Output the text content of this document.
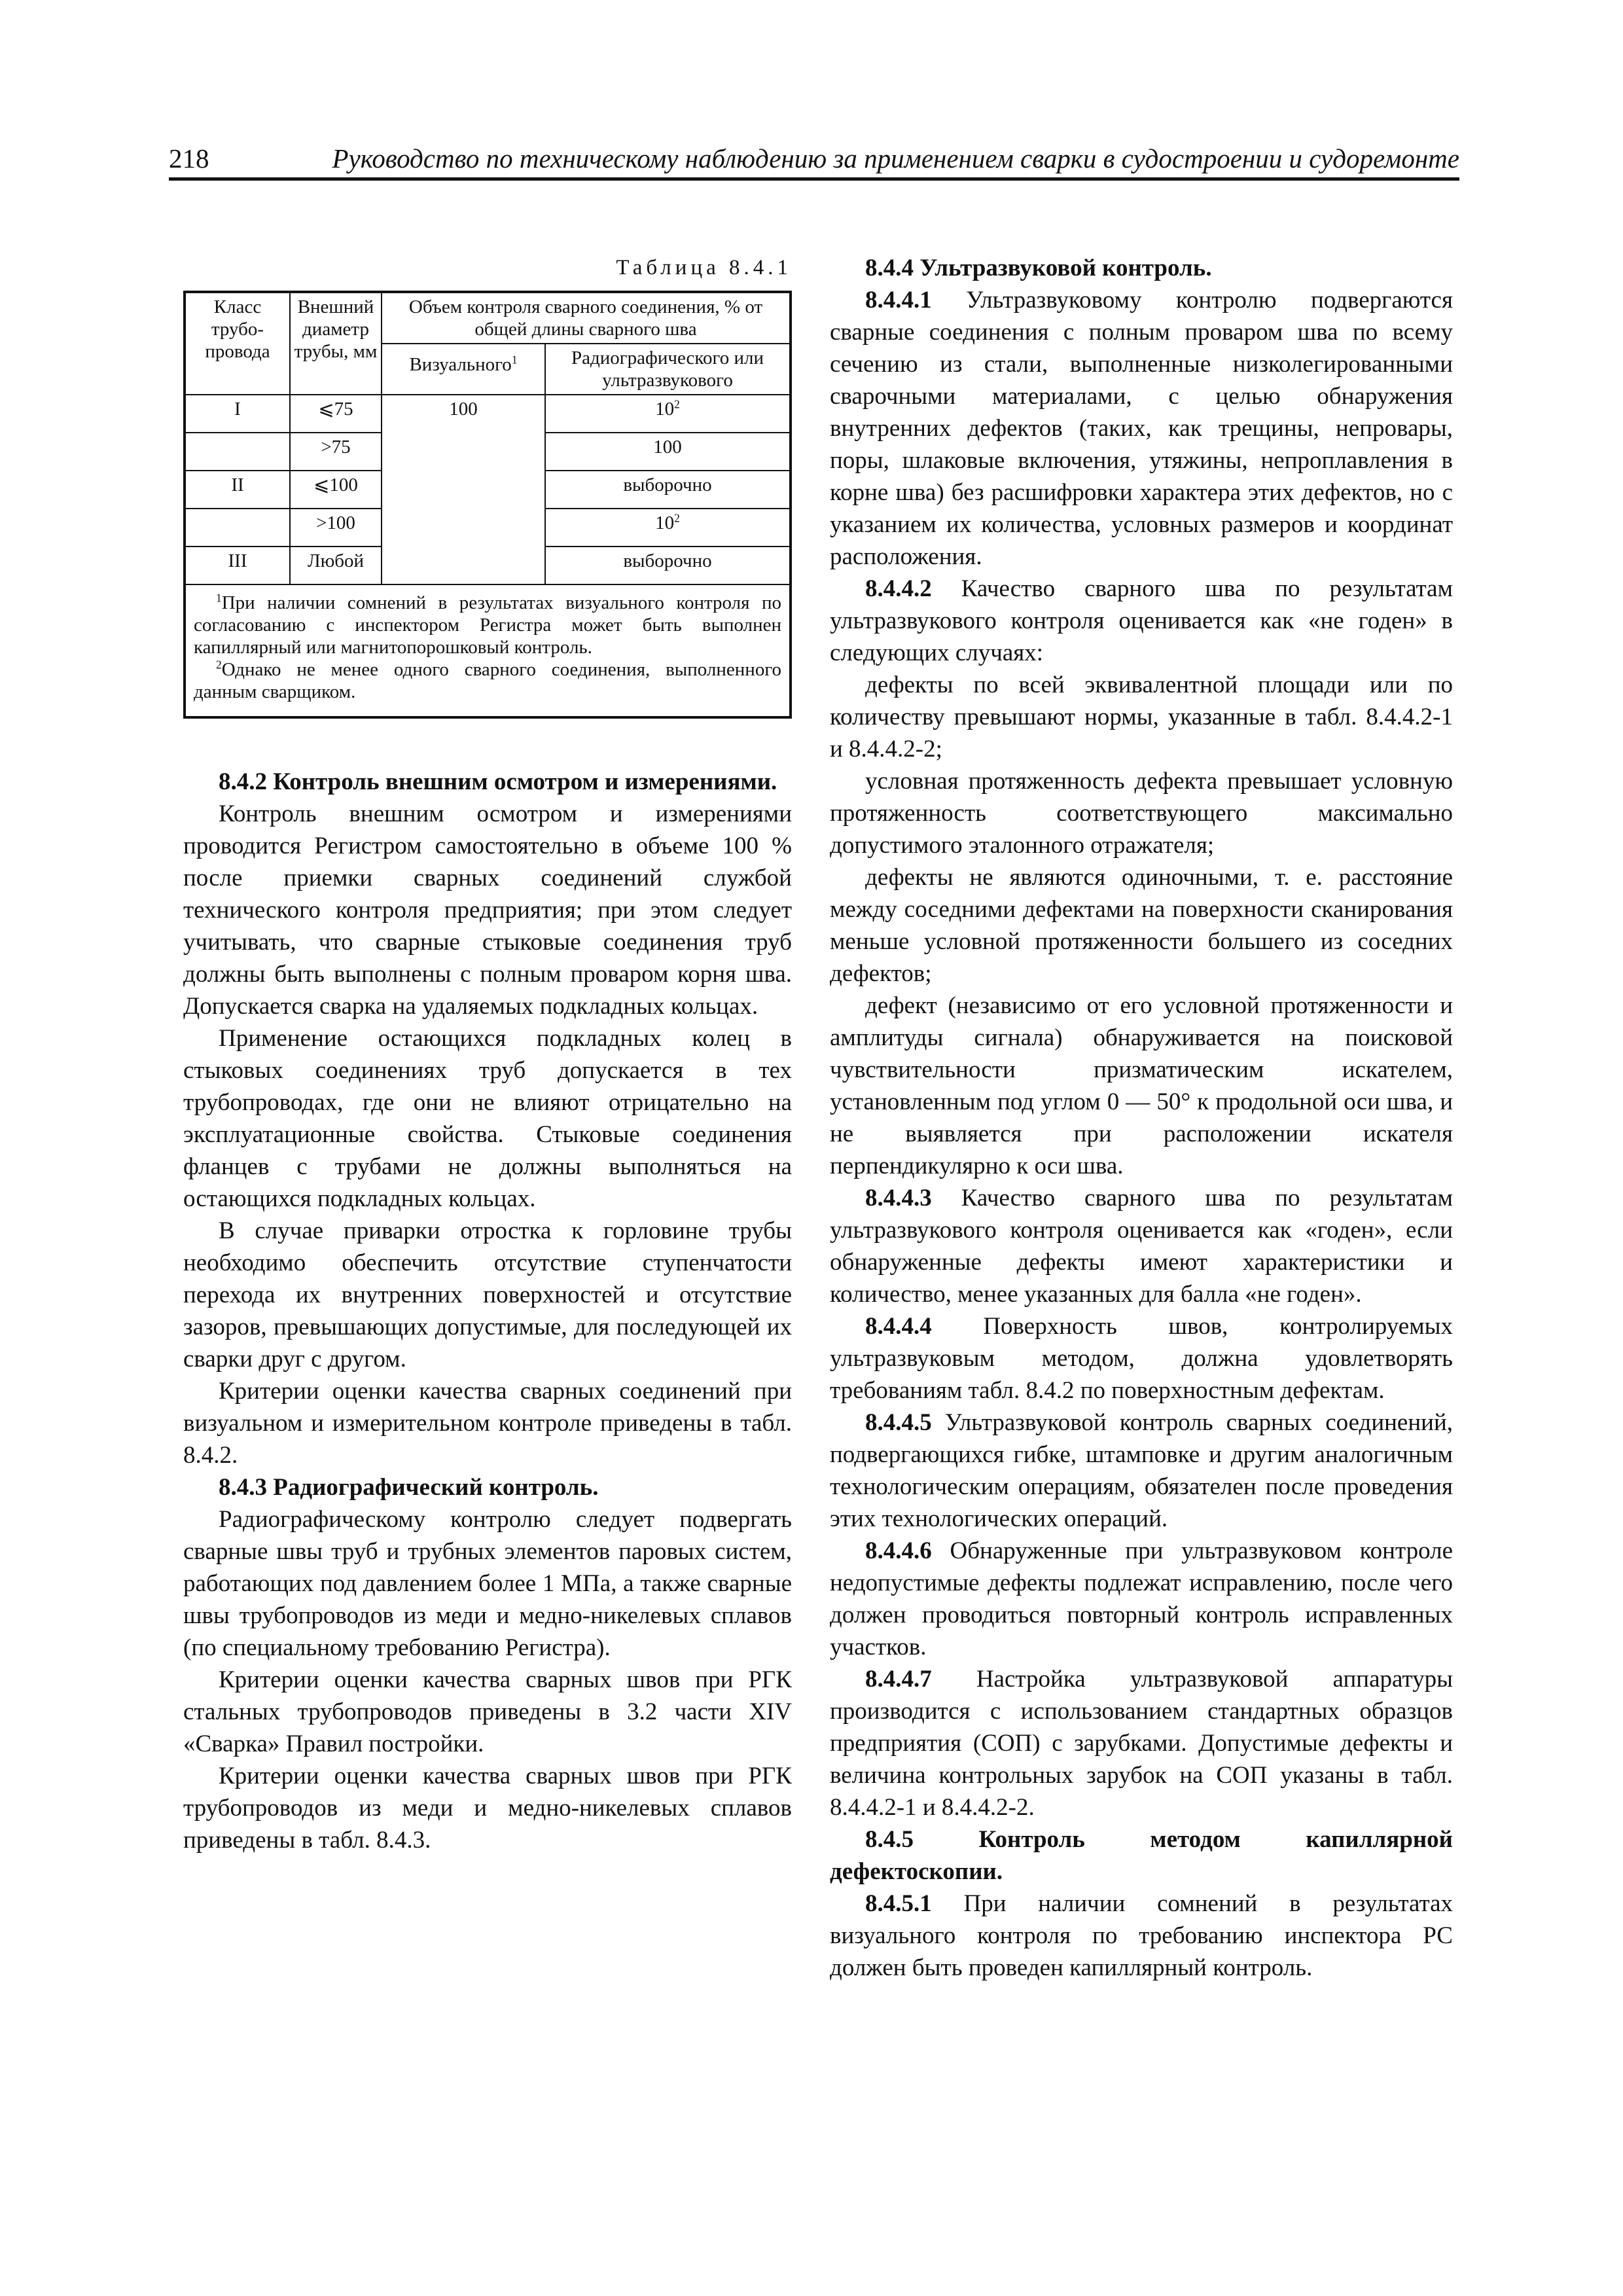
218	Руководство по техническому наблюдению за применением сварки в судостроении и судоремонте
Таблица 8.4.1
Класс трубо-провода	Внешний диаметр трубы, мм	Объем контроля сварного соединения, % от общей длины сварного шва	
		Визуального$^1$	Радиографического или ультразвукового
I	⩽75	100	$10^2$
	>75		100
II	⩽100		выборочно
	>100		$10^2$
III	Любой		выборочно

$^1$При наличии сомнений в результатах визуального контроля по согласованию с инспектором Регистра может быть выполнен капиллярный или магнитопорошковый контроль.

$^2$Однако не менее одного сварного соединения, выполненного данным сварщиком.			

8.4.2 Контроль внешним осмотром и измерениями.

Контроль внешним осмотром и измерениями проводится Регистром самостоятельно в объеме 100 % после приемки сварных соединений службой технического контроля предприятия; при этом следует учитывать, что сварные стыковые соединения труб должны быть выполнены с полным проваром корня шва. Допускается сварка на удаляемых подкладных кольцах.

Применение остающихся подкладных колец в стыковых соединениях труб допускается в тех трубопроводах, где они не влияют отрицательно на эксплуатационные свойства. Стыковые соединения фланцев с трубами не должны выполняться на остающихся подкладных кольцах.

В случае приварки отростка к горловине трубы необходимо обеспечить отсутствие ступенчатости перехода их внутренних поверхностей и отсутствие зазоров, превышающих допустимые, для последующей их сварки друг с другом.

Критерии оценки качества сварных соединений при визуальном и измерительном контроле приведены в табл. 8.4.2.

8.4.3 Радиографический контроль.

Радиографическому контролю следует подвергать сварные швы труб и трубных элементов паровых систем, работающих под давлением более 1 МПа, а также сварные швы трубопроводов из меди и медно-никелевых сплавов (по специальному требованию Регистра).

Критерии оценки качества сварных швов при РГК стальных трубопроводов приведены в 3.2 части XIV «Сварка» Правил постройки.

Критерии оценки качества сварных швов при РГК трубопроводов из меди и медно-никелевых сплавов приведены в табл. 8.4.3.

8.4.4 Ультразвуковой контроль.

8.4.4.1 Ультразвуковому контролю подвергаются сварные соединения с полным проваром шва по всему сечению из стали, выполненные низколегированными сварочными материалами, с целью обнаружения внутренних дефектов (таких, как трещины, непровары, поры, шлаковые включения, утяжины, непроплавления в корне шва) без расшифровки характера этих дефектов, но с указанием их количества, условных размеров и координат расположения.

8.4.4.2 Качество сварного шва по результатам ультразвукового контроля оценивается как «не годен» в следующих случаях:

дефекты по всей эквивалентной площади или по количеству превышают нормы, указанные в табл. 8.4.4.2-1 и 8.4.4.2-2;

условная протяженность дефекта превышает условную протяженность соответствующего максимально допустимого эталонного отражателя;

дефекты не являются одиночными, т. е. расстояние между соседними дефектами на поверхности сканирования меньше условной протяженности большего из соседних дефектов;

дефект (независимо от его условной протяженности и амплитуды сигнала) обнаруживается на поисковой чувствительности призматическим искателем, установленным под углом 0 — 50° к продольной оси шва, и не выявляется при расположении искателя перпендикулярно к оси шва.

8.4.4.3 Качество сварного шва по результатам ультразвукового контроля оценивается как «годен», если обнаруженные дефекты имеют характеристики и количество, менее указанных для балла «не годен».

8.4.4.4 Поверхность швов, контролируемых ультразвуковым методом, должна удовлетворять требованиям табл. 8.4.2 по поверхностным дефектам.

8.4.4.5 Ультразвуковой контроль сварных соединений, подвергающихся гибке, штамповке и другим аналогичным технологическим операциям, обязателен после проведения этих технологических операций.

8.4.4.6 Обнаруженные при ультразвуковом контроле недопустимые дефекты подлежат исправлению, после чего должен проводиться повторный контроль исправленных участков.

8.4.4.7 Настройка ультразвуковой аппаратуры производится с использованием стандартных образцов предприятия (СОП) с зарубками. Допустимые дефекты и величина контрольных зарубок на СОП указаны в табл. 8.4.4.2-1 и 8.4.4.2-2.

8.4.5 Контроль методом капиллярной дефектоскопии.

8.4.5.1 При наличии сомнений в результатах визуального контроля по требованию инспектора РС должен быть проведен капиллярный контроль.
